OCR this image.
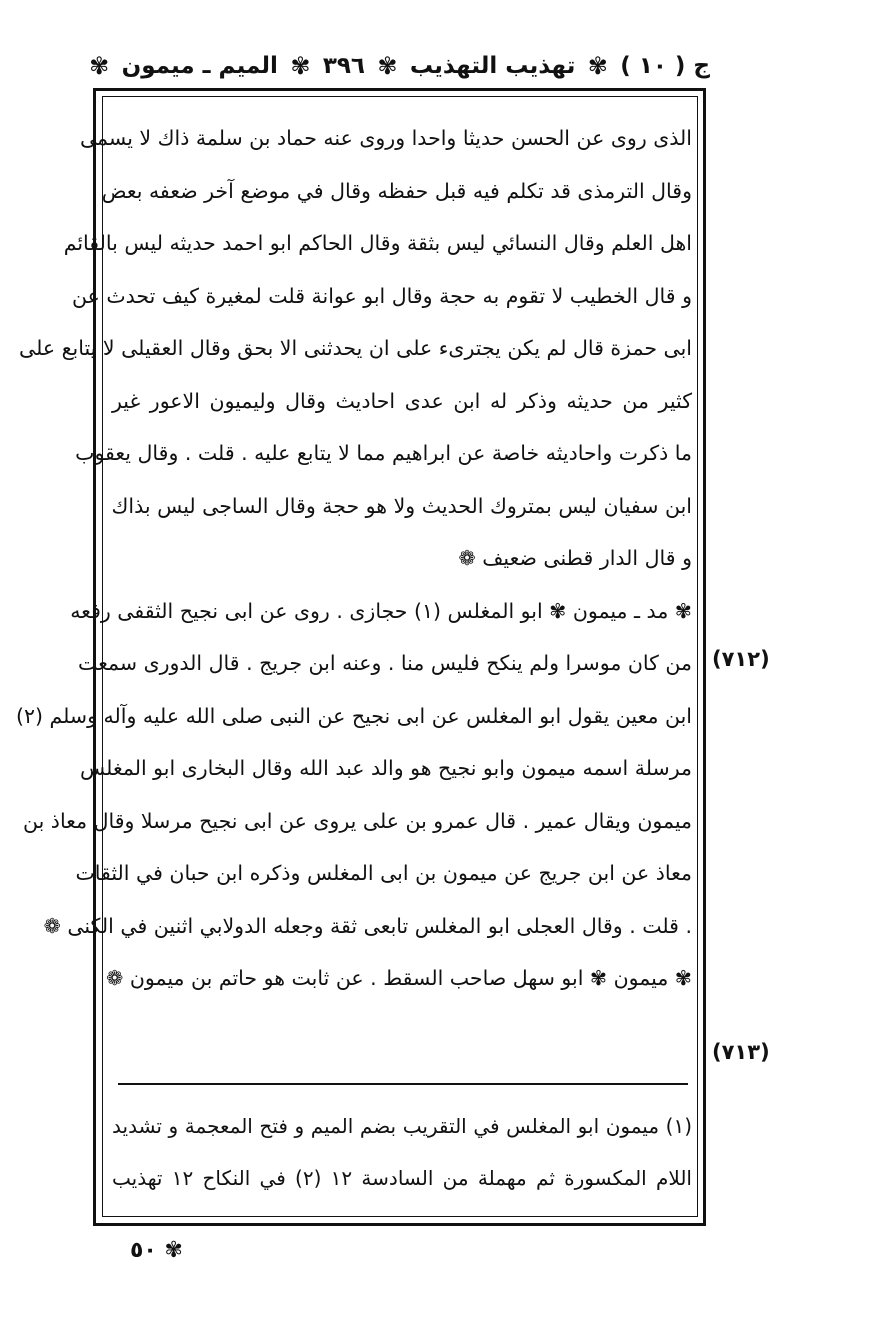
ج ( ١٠ )
✾
تهذيب التهذيب
✾
٣٩٦
✾
الميم ـ ميمون
✾
الذى روى عن الحسن حديثا واحدا وروى عنه حماد بن سلمة ذاك لا يسمى
وقال الترمذى قد تكلم فيه قبل حفظه وقال في موضع آخر ضعفه بعض
اهل العلم وقال النسائي ليس بثقة وقال الحاكم ابو احمد حديثه ليس بالقائم
و قال الخطيب لا تقوم به حجة وقال ابو عوانة قلت لمغيرة كيف تحدث عن
ابى حمزة قال لم يكن يجترىء على ان يحدثنى الا بحق وقال العقيلى لا يتابع على
كثير من حديثه وذكر له ابن عدى احاديث وقال وليميون الاعور غير
ما ذكرت واحاديثه خاصة عن ابراهيم مما لا يتابع عليه . قلت . وقال يعقوب
ابن سفيان ليس بمتروك الحديث ولا هو حجة وقال الساجى ليس بذاك
و قال الدار قطنى ضعيف ❁
✾ مد ـ ميمون ✾ ابو المغلس (١) حجازى . روى عن ابى نجيح الثقفى رفعه
من كان موسرا ولم ينكح فليس منا . وعنه ابن جريج . قال الدورى سمعت
ابن معين يقول ابو المغلس عن ابى نجيح عن النبى صلى الله عليه وآله وسلم (٢)
مرسلة اسمه ميمون وابو نجيح هو والد عبد الله وقال البخارى ابو المغلس
ميمون ويقال عمير . قال عمرو بن على يروى عن ابى نجيح مرسلا وقال معاذ بن
معاذ عن ابن جريج عن ميمون بن ابى المغلس وذكره ابن حبان في الثقات
. قلت . وقال العجلى ابو المغلس تابعى ثقة وجعله الدولابي اثنين في الكنى ❁
✾ ميمون ✾ ابو سهل صاحب السقط . عن ثابت هو حاتم بن ميمون ❁
(٧١٢)
(٧١٣)
(١) ميمون ابو المغلس في التقريب بضم الميم و فتح المعجمة و تشديد
اللام المكسورة ثم مهملة من السادسة ١٢ (٢) في النكاح ١٢ تهذيب
✾ ٥٠
